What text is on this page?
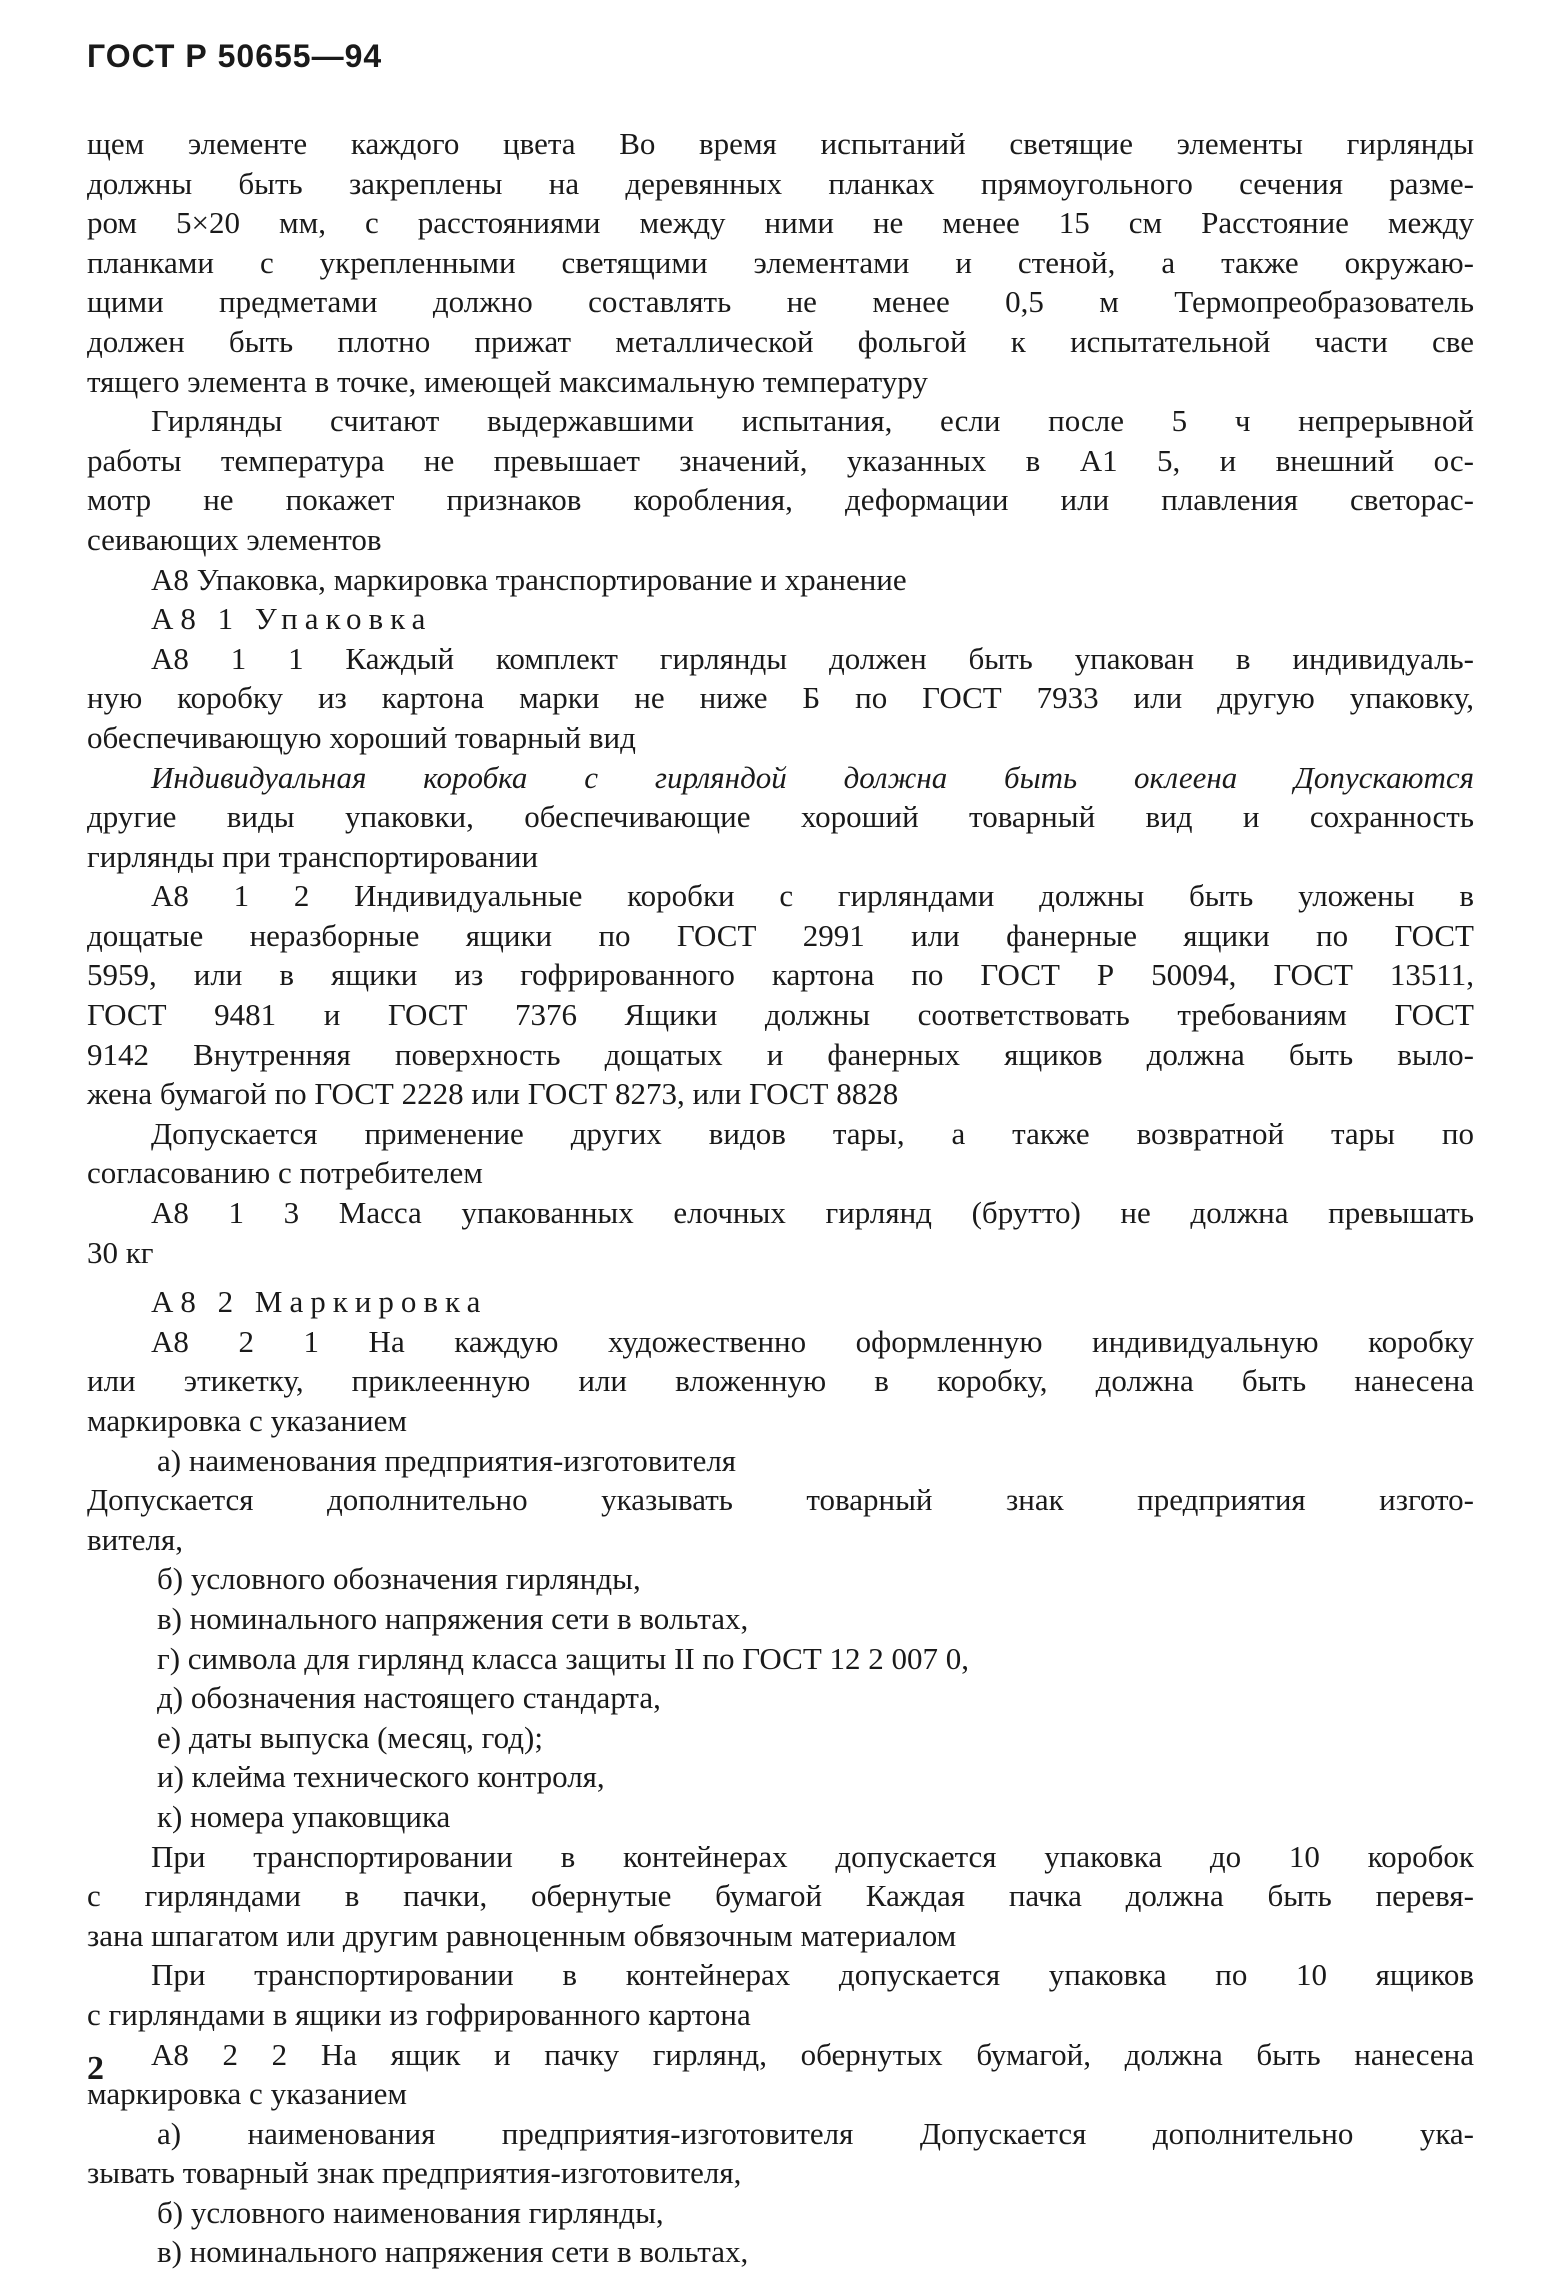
ГОСТ Р 50655—94
щем элементе каждого цвета Во время испытаний светящие элементы гирлянды
должны быть закреплены на деревянных планках прямоугольного сечения разме-
ром 5×20 мм, с расстояниями между ними не менее 15 см Расстояние между
планками с укрепленными светящими элементами и стеной, а также окружаю-
щими предметами должно составлять не менее 0,5 м Термопреобразователь
должен быть плотно прижат металлической фольгой к испытательной части све
тящего элемента в точке, имеющей максимальную температуру
Гирлянды считают выдержавшими испытания, если после 5 ч непрерывной
работы температура не превышает значений, указанных в А1 5, и внешний ос-
мотр не покажет признаков коробления, деформации или плавления светорас-
сеивающих элементов
А8 Упаковка, маркировка транспортирование и хранение
А8 1 Упаковка
А8 1 1 Каждый комплект гирлянды должен быть упакован в индивидуаль-
ную коробку из картона марки не ниже Б по ГОСТ 7933 или другую упаковку,
обеспечивающую хороший товарный вид
Индивидуальная коробка с гирляндой должна быть оклеена Допускаются
другие виды упаковки, обеспечивающие хороший товарный вид и сохранность
гирлянды при транспортировании
А8 1 2 Индивидуальные коробки с гирляндами должны быть уложены в
дощатые неразборные ящики по ГОСТ 2991 или фанерные ящики по ГОСТ
5959, или в ящики из гофрированного картона по ГОСТ Р 50094, ГОСТ 13511,
ГОСТ 9481 и ГОСТ 7376 Ящики должны соответствовать требованиям ГОСТ
9142 Внутренняя поверхность дощатых и фанерных ящиков должна быть выло-
жена бумагой по ГОСТ 2228 или ГОСТ 8273, или ГОСТ 8828
Допускается применение других видов тары, а также возвратной тары по
согласованию с потребителем
А8 1 3 Масса упакованных елочных гирлянд (брутто) не должна превышать
30 кг
А8 2 Маркировка
А8 2 1 На каждую художественно оформленную индивидуальную коробку
или этикетку, приклеенную или вложенную в коробку, должна быть нанесена
маркировка с указанием
а) наименования предприятия-изготовителя
Допускается дополнительно указывать товарный знак предприятия изгото-
вителя,
б) условного обозначения гирлянды,
в) номинального напряжения сети в вольтах,
г) символа для гирлянд класса защиты II по ГОСТ 12 2 007 0,
д) обозначения настоящего стандарта,
е) даты выпуска (месяц, год);
и) клейма технического контроля,
к) номера упаковщика
При транспортировании в контейнерах допускается упаковка до 10 коробок
с гирляндами в пачки, обернутые бумагой Каждая пачка должна быть перевя-
зана шпагатом или другим равноценным обвязочным материалом
При транспортировании в контейнерах допускается упаковка по 10 ящиков
с гирляндами в ящики из гофрированного картона
А8 2 2 На ящик и пачку гирлянд, обернутых бумагой, должна быть нанесена
маркировка с указанием
а) наименования предприятия-изготовителя Допускается дополнительно ука-
зывать товарный знак предприятия-изготовителя,
б) условного наименования гирлянды,
в) номинального напряжения сети в вольтах,
2
